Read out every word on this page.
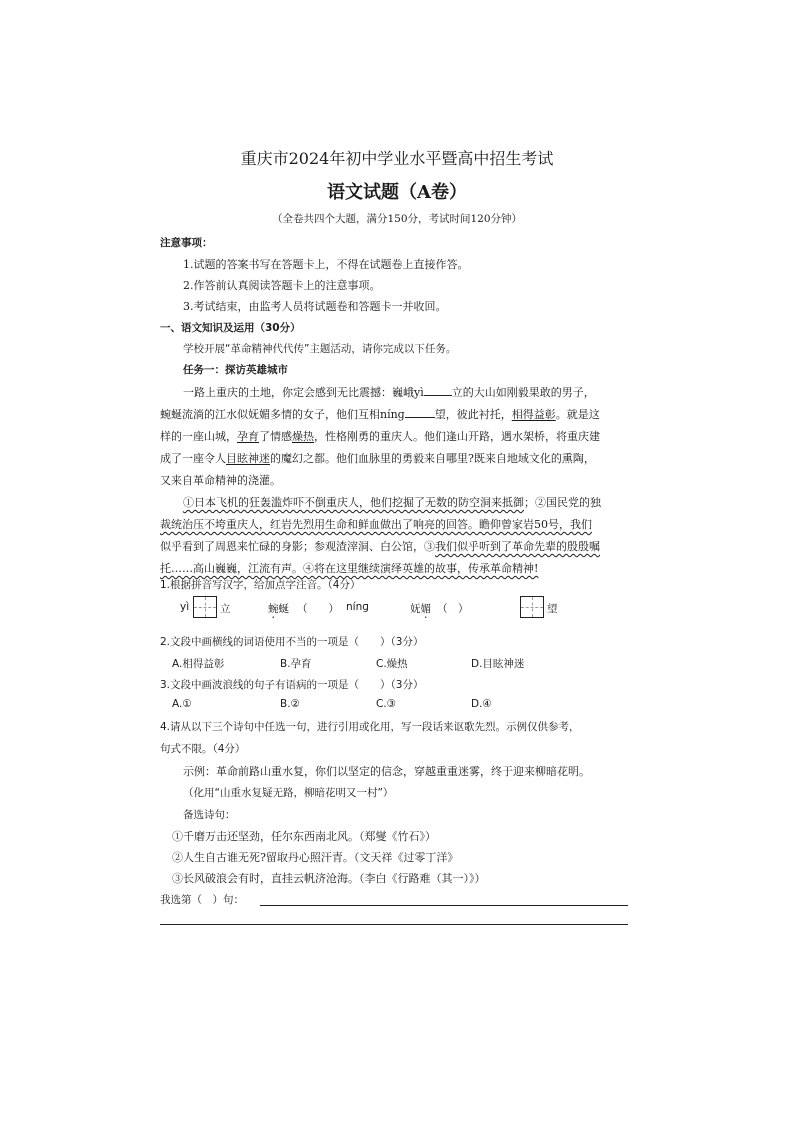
重庆市2024年初中学业水平暨高中招生考试
语文试题（A卷）
（全卷共四个大题，满分150分，考试时间120分钟）
注意事项：
1.试题的答案书写在答题卡上，不得在试题卷上直接作答。
2.作答前认真阅读答题卡上的注意事项。
3.考试结束，由监考人员将试题卷和答题卡一并收回。
一、语文知识及运用（30分）
学校开展“革命精神代代传”主题活动，请你完成以下任务。
任务一：探访英雄城市
一路上重庆的土地，你定会感到无比震撼：巍峨yì	立的大山如刚毅果敢的男子，
蜿蜒流淌的江水似妩媚多情的女子，他们互相nínɡ	望，彼此衬托，相得益彰。就是这
样的一座山城，孕育了情感燥热，性格刚勇的重庆人。他们逢山开路，遇水架桥，将重庆建
成了一座令人目眩神迷的魔幻之都。他们血脉里的勇毅来自哪里?既来自地域文化的熏陶，
又来自革命精神的浇灌。
①日本飞机的狂轰滥炸吓不倒重庆人，他们挖掘了无数的防空洞来抵御；②国民党的独
裁统治压不垮重庆人，红岩先烈用生命和鲜血做出了响亮的回答。瞻仰曾家岩50号，我们
似乎看到了周恩来忙碌的身影；参观渣滓洞、白公馆，③我们似乎听到了革命先辈的殷殷嘱
托……高山巍巍，江流有声。④将在这里继续演绎英雄的故事，传承革命精神!
1.根据拼音写汉字，给加点字注音。（4分）
yì	立	蜿蜒 （　　） nínɡ	妩媚 （　）	望
2.文段中画横线的词语使用不当的一项是（　　）（3分）
A.相得益彰	B.孕育	C.燥热	D.目眩神迷
3.文段中画波浪线的句子有语病的一项是（　　）（3分）
A.①	B.②	C.③	D.④
4.请从以下三个诗句中任选一句，进行引用或化用，写一段话来讴歌先烈。示例仅供参考，
句式不限。（4分）
示例：革命前路山重水复，你们以坚定的信念，穿越重重迷雾，终于迎来柳暗花明。
（化用“山重水复疑无路，柳暗花明又一村”）
备选诗句：
①千磨万击还坚劲，任尔东西南北风。（郑燮《竹石》）
②人生自古谁无死?留取丹心照汗青。（文天祥《过零丁洋》
③长风破浪会有时，直挂云帆济沧海。（李白《行路难（其一）》）
我选第（　）句：
